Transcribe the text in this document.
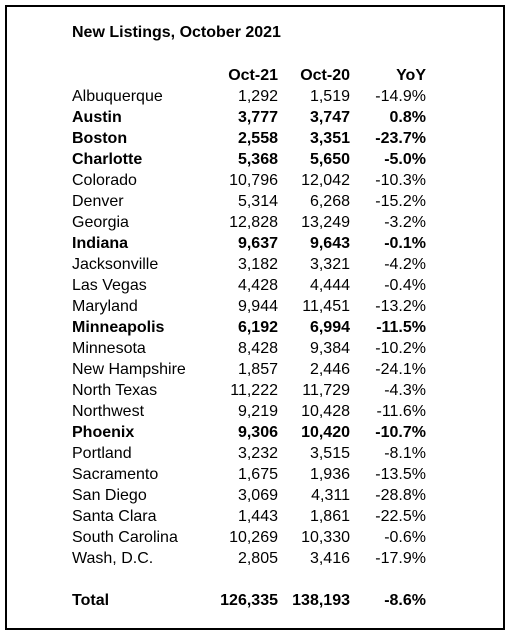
New Listings, October 2021
	Oct-21	Oct-20	YoY
Albuquerque	1,292	1,519	-14.9%
Austin	3,777	3,747	0.8%
Boston	2,558	3,351	-23.7%
Charlotte	5,368	5,650	-5.0%
Colorado	10,796	12,042	-10.3%
Denver	5,314	6,268	-15.2%
Georgia	12,828	13,249	-3.2%
Indiana	9,637	9,643	-0.1%
Jacksonville	3,182	3,321	-4.2%
Las Vegas	4,428	4,444	-0.4%
Maryland	9,944	11,451	-13.2%
Minneapolis	6,192	6,994	-11.5%
Minnesota	8,428	9,384	-10.2%
New Hampshire	1,857	2,446	-24.1%
North Texas	11,222	11,729	-4.3%
Northwest	9,219	10,428	-11.6%
Phoenix	9,306	10,420	-10.7%
Portland	3,232	3,515	-8.1%
Sacramento	1,675	1,936	-13.5%
San Diego	3,069	4,311	-28.8%
Santa Clara	1,443	1,861	-22.5%
South Carolina	10,269	10,330	-0.6%
Wash, D.C.	2,805	3,416	-17.9%

Total	126,335	138,193	-8.6%
